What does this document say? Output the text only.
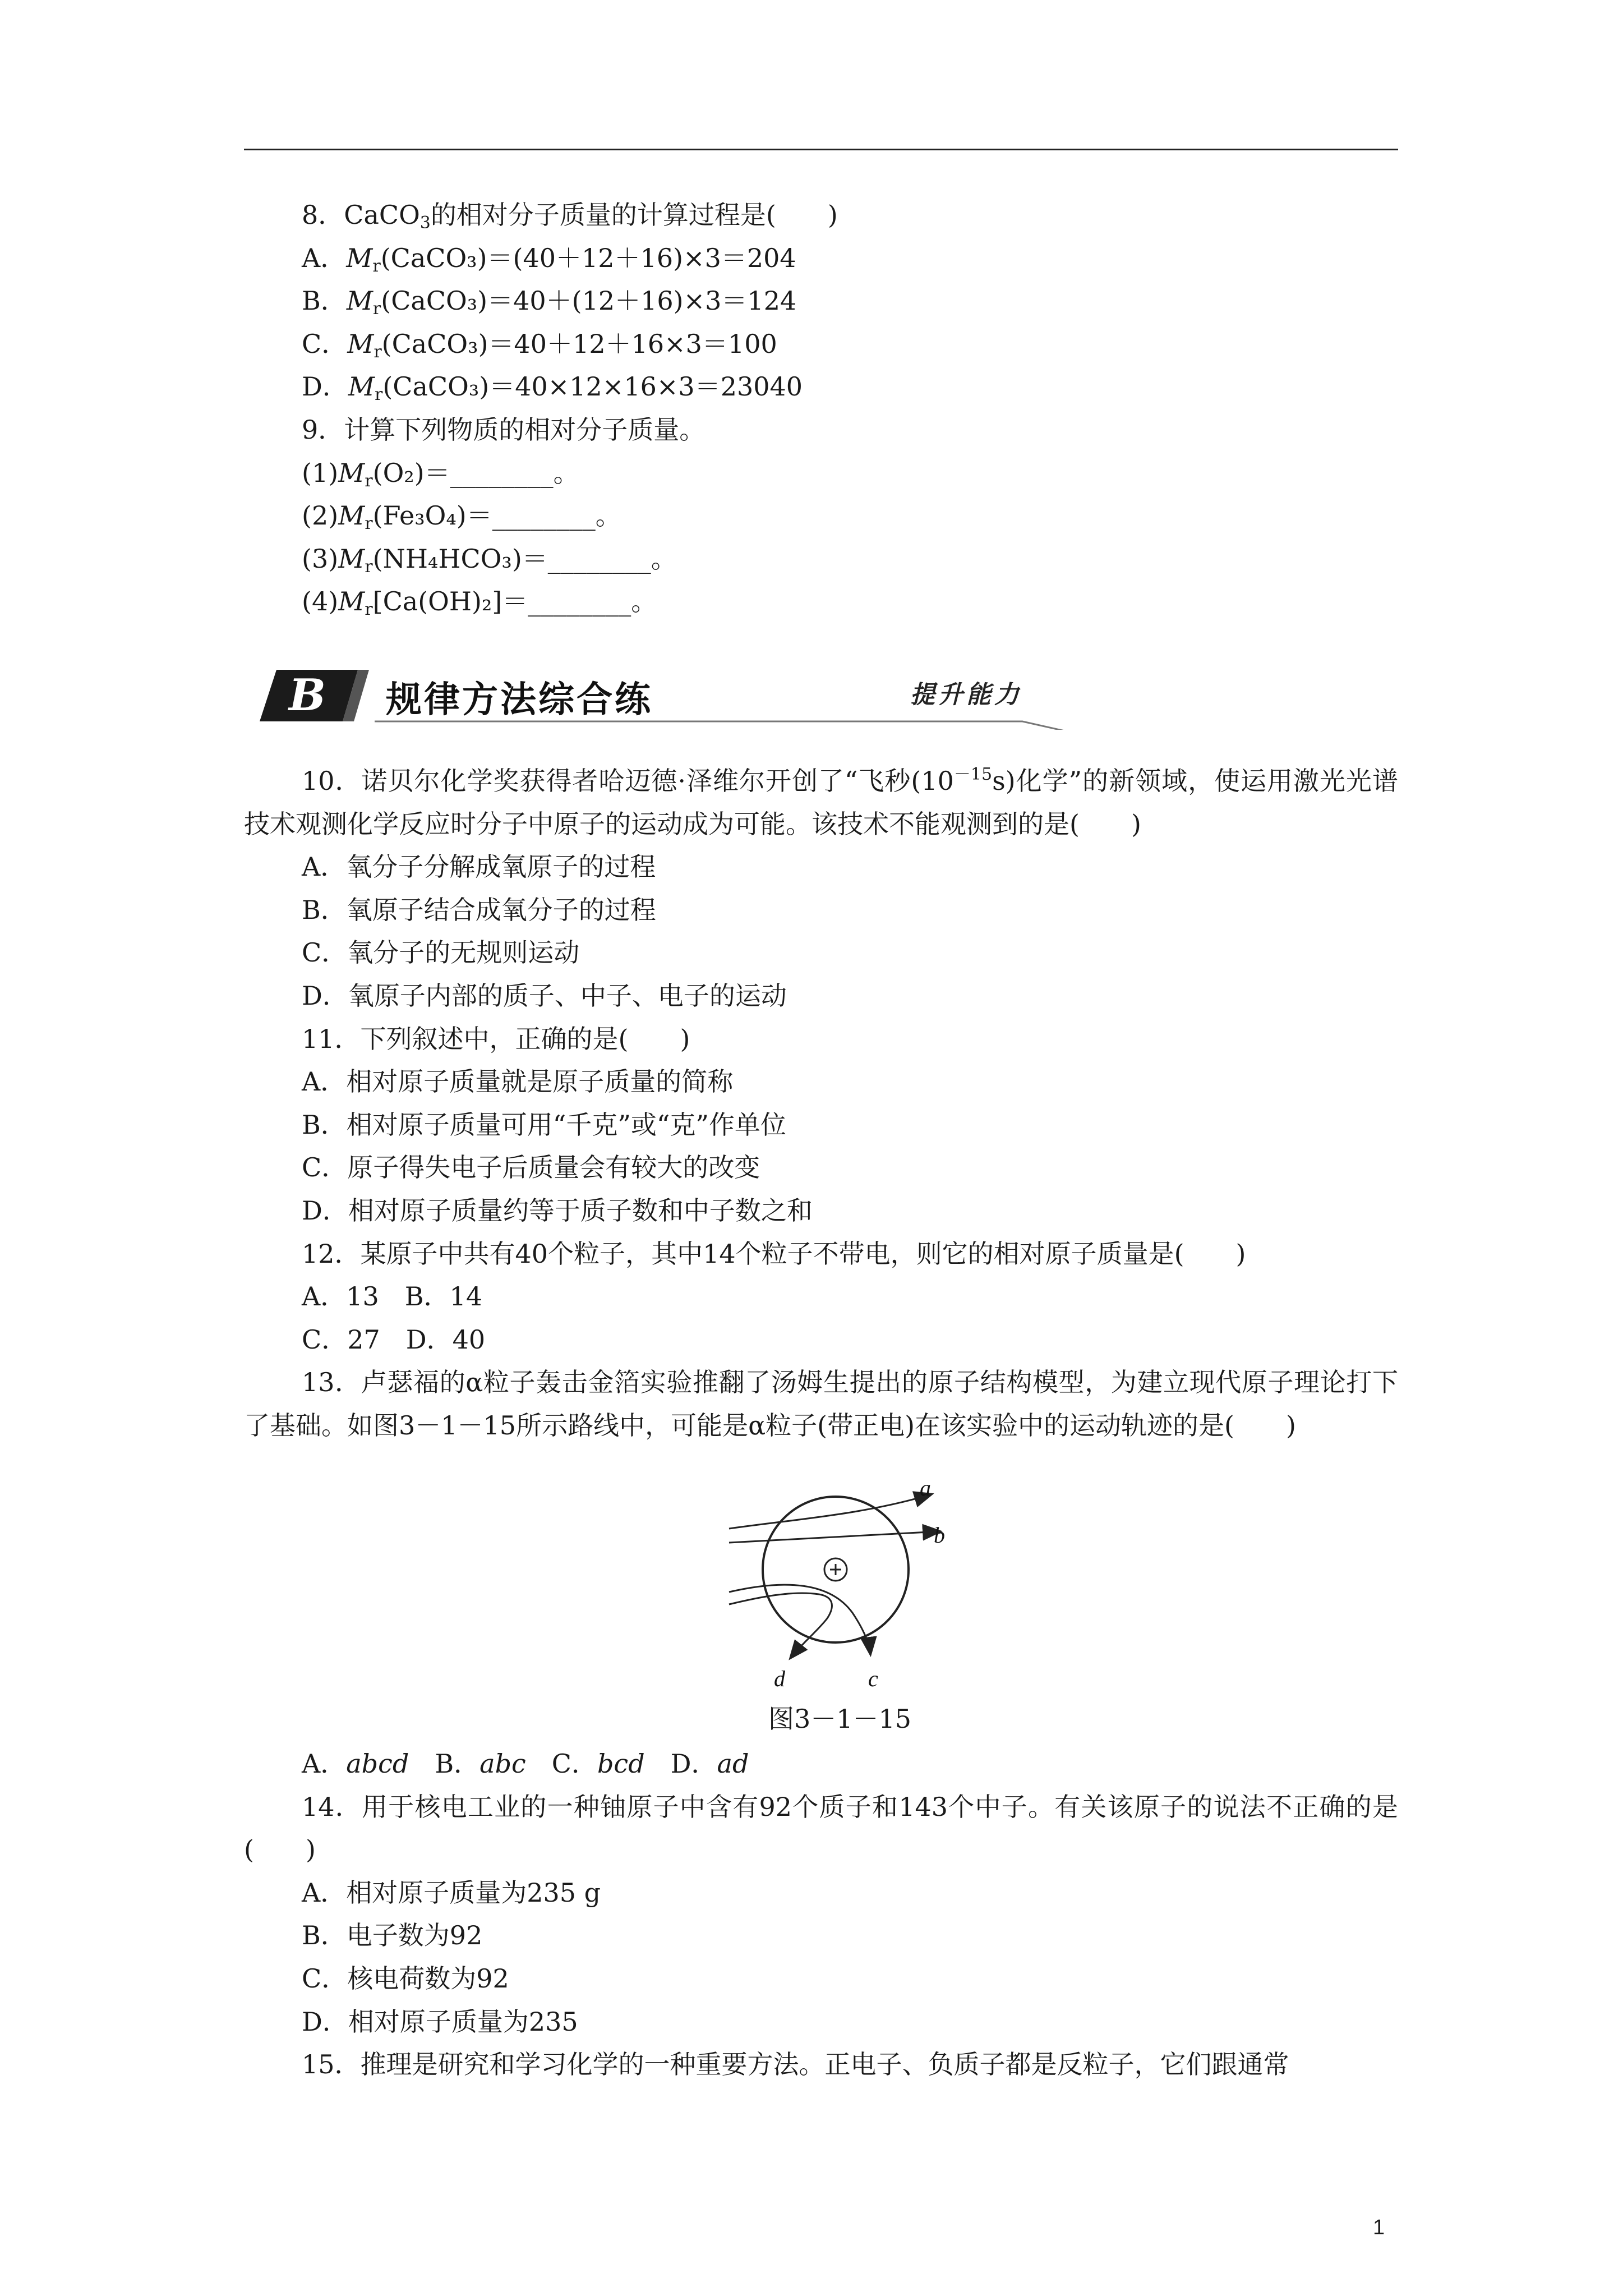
8．CaCO$_3$的相对分子质量的计算过程是(　　)
A．$M_r(CaCO_3)=(40+12+16)\times 3=204$
B．$M_r(CaCO_3)=40+(12+16)\times 3=124$
C．$M_r(CaCO_3)=40+12+16\times 3=100$
D．$M_r(CaCO_3)=40\times 12\times 16\times 3=23040$
9．计算下列物质的相对分子质量。
$(1)M_r(O_2)=\_\_\_\_\_\_\_\_$。
$(2)M_r(Fe_3O_4)=\_\_\_\_\_\_\_\_$。
$(3)M_r(NH_4HCO_3)=\_\_\_\_\_\_\_\_$。
$(4)M_r[Ca(OH)_2]=\_\_\_\_\_\_\_\_$。
B 规律方法综合练	提升能力
10．诺贝尔化学奖获得者哈迈德·泽维尔开创了“飞秒$(10^{-15}s)$化学”的新领域，使运用激光光谱技术观测化学反应时分子中原子的运动成为可能。该技术不能观测到的是(　　)
A．氧分子分解成氧原子的过程
B．氧原子结合成氧分子的过程
C．氧分子的无规则运动
D．氧原子内部的质子、中子、电子的运动
11．下列叙述中，正确的是(　　)
A．相对原子质量就是原子质量的简称
B．相对原子质量可用“千克”或“克”作单位
C．原子得失电子后质量会有较大的改变
D．相对原子质量约等于质子数和中子数之和
12．某原子中共有40个粒子，其中14个粒子不带电，则它的相对原子质量是(　　)
A．13　B．14
C．27　D．40
13．卢瑟福的α粒子轰击金箔实验推翻了汤姆生提出的原子结构模型，为建立现代原子理论打下了基础。如图3－1－15所示路线中，可能是α粒子(带正电)在该实验中的运动轨迹的是(　　)
a
b
c
d
图3－1－15
A．abcd　 B．abc　 C．bcd　 D．ad
14．用于核电工业的一种铀原子中含有92个质子和143个中子。有关该原子的说法不正确的是(　　)
A．相对原子质量为235 g
B．电子数为92
C．核电荷数为92
D．相对原子质量为235
15．推理是研究和学习化学的一种重要方法。正电子、负质子都是反粒子，它们跟通常
1
